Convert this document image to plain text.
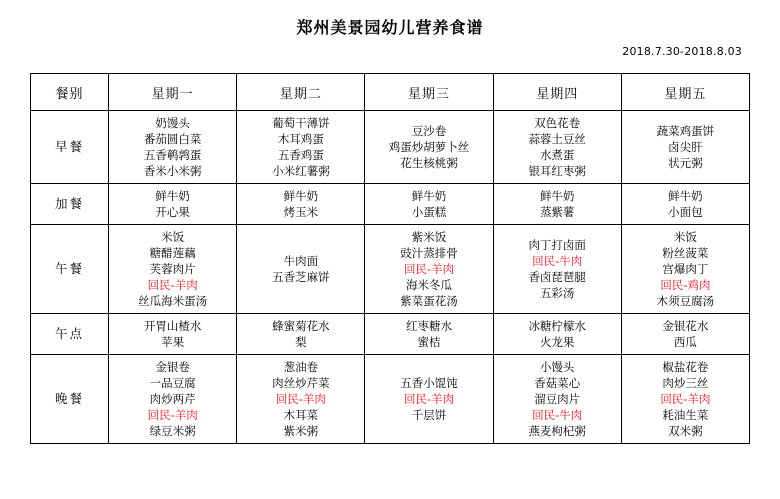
郑州美景园幼儿营养食谱
2018.7.30-2018.8.03
餐别	星期一	星期二	星期三	星期四	星期五
早餐	奶馒头
番茄圆白菜
五香鹌鹑蛋
香米小米粥	葡萄干薄饼
木耳鸡蛋
五香鸡蛋
小米红薯粥	豆沙卷
鸡蛋炒胡萝卜丝
花生核桃粥	双色花卷
蒜蓉土豆丝
水煮蛋
银耳红枣粥	蔬菜鸡蛋饼
卤尖肝
状元粥

加餐	鲜牛奶
开心果	鲜牛奶
烤玉米	鲜牛奶
小蛋糕	鲜牛奶
蒸紫薯	鲜牛奶
小面包

午餐	米饭
糖醋莲藕
芙蓉肉片
回民-羊肉
丝瓜海米蛋汤	牛肉面
五香芝麻饼	紫米饭
豉汁蒸排骨
回民-羊肉
海米冬瓜
紫菜蛋花汤	肉丁打卤面
回民-牛肉
香卤琵琶腿
五彩汤	米饭
粉丝菠菜
宫爆肉丁
回民-鸡肉
木须豆腐汤

午点	开胃山楂水
苹果	蜂蜜菊花水
梨	红枣糖水
蜜桔	冰糖柠檬水
火龙果	金银花水
西瓜

晚餐	金银卷
一品豆腐
肉炒两芹
回民-羊肉
绿豆米粥	葱油卷
肉丝炒芹菜
回民-羊肉
木耳菜
紫米粥	五香小馄饨
回民-羊肉
千层饼	小馒头
香菇菜心
溜豆肉片
回民-牛肉
燕麦枸杞粥	椒盐花卷
肉炒三丝
回民-羊肉
耗油生菜
双米粥
